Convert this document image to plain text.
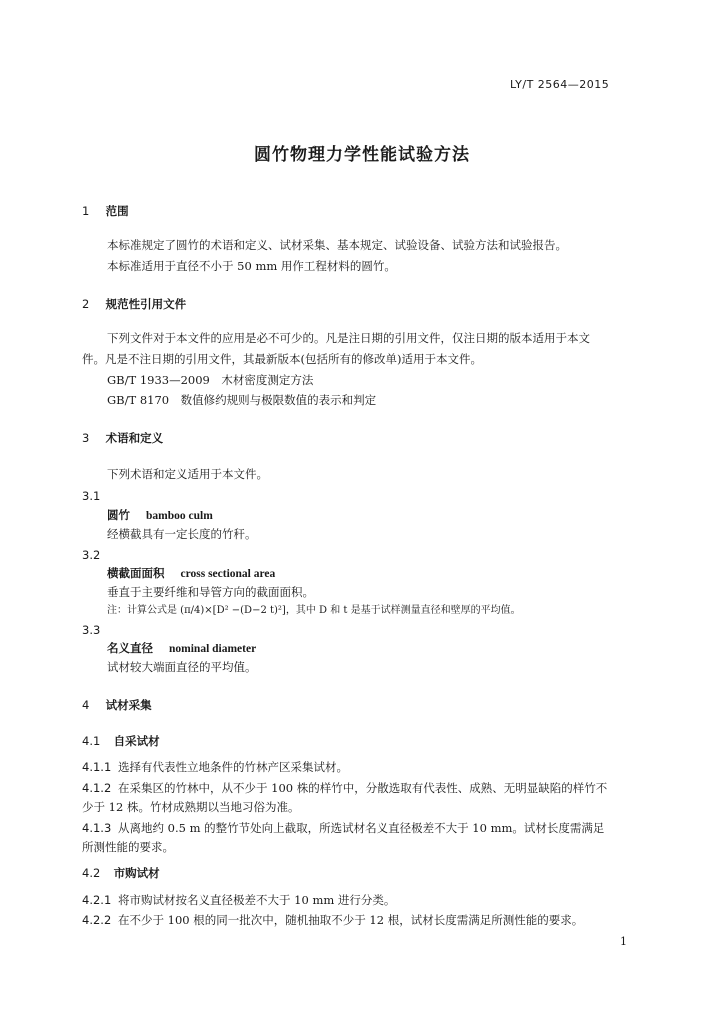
LY/T 2564—2015
圆竹物理力学性能试验方法
1 范围
本标准规定了圆竹的术语和定义、试材采集、基本规定、试验设备、试验方法和试验报告。
本标准适用于直径不小于 50 mm 用作工程材料的圆竹。
2 规范性引用文件
下列文件对于本文件的应用是必不可少的。凡是注日期的引用文件，仅注日期的版本适用于本文
件。凡是不注日期的引用文件，其最新版本(包括所有的修改单)适用于本文件。
GB/T 1933—2009　木材密度测定方法
GB/T 8170　数值修约规则与极限数值的表示和判定
3 术语和定义
下列术语和定义适用于本文件。
3.1
圆竹 bamboo culm
经横截具有一定长度的竹秆。
3.2
横截面面积 cross sectional area
垂直于主要纤维和导管方向的截面面积。
注：计算公式是 (π/4)×[D² −(D−2 t)²]，其中 D 和 t 是基于试样测量直径和壁厚的平均值。
3.3
名义直径 nominal diameter
试材较大端面直径的平均值。
4 试材采集
4.1 自采试材
4.1.1 选择有代表性立地条件的竹林产区采集试材。
4.1.2 在采集区的竹林中，从不少于 100 株的样竹中，分散选取有代表性、成熟、无明显缺陷的样竹不
少于 12 株。竹材成熟期以当地习俗为准。
4.1.3 从离地约 0.5 m 的整竹节处向上截取，所选试材名义直径极差不大于 10 mm。试材长度需满足
所测性能的要求。
4.2 市购试材
4.2.1 将市购试材按名义直径极差不大于 10 mm 进行分类。
4.2.2 在不少于 100 根的同一批次中，随机抽取不少于 12 根，试材长度需满足所测性能的要求。
1
